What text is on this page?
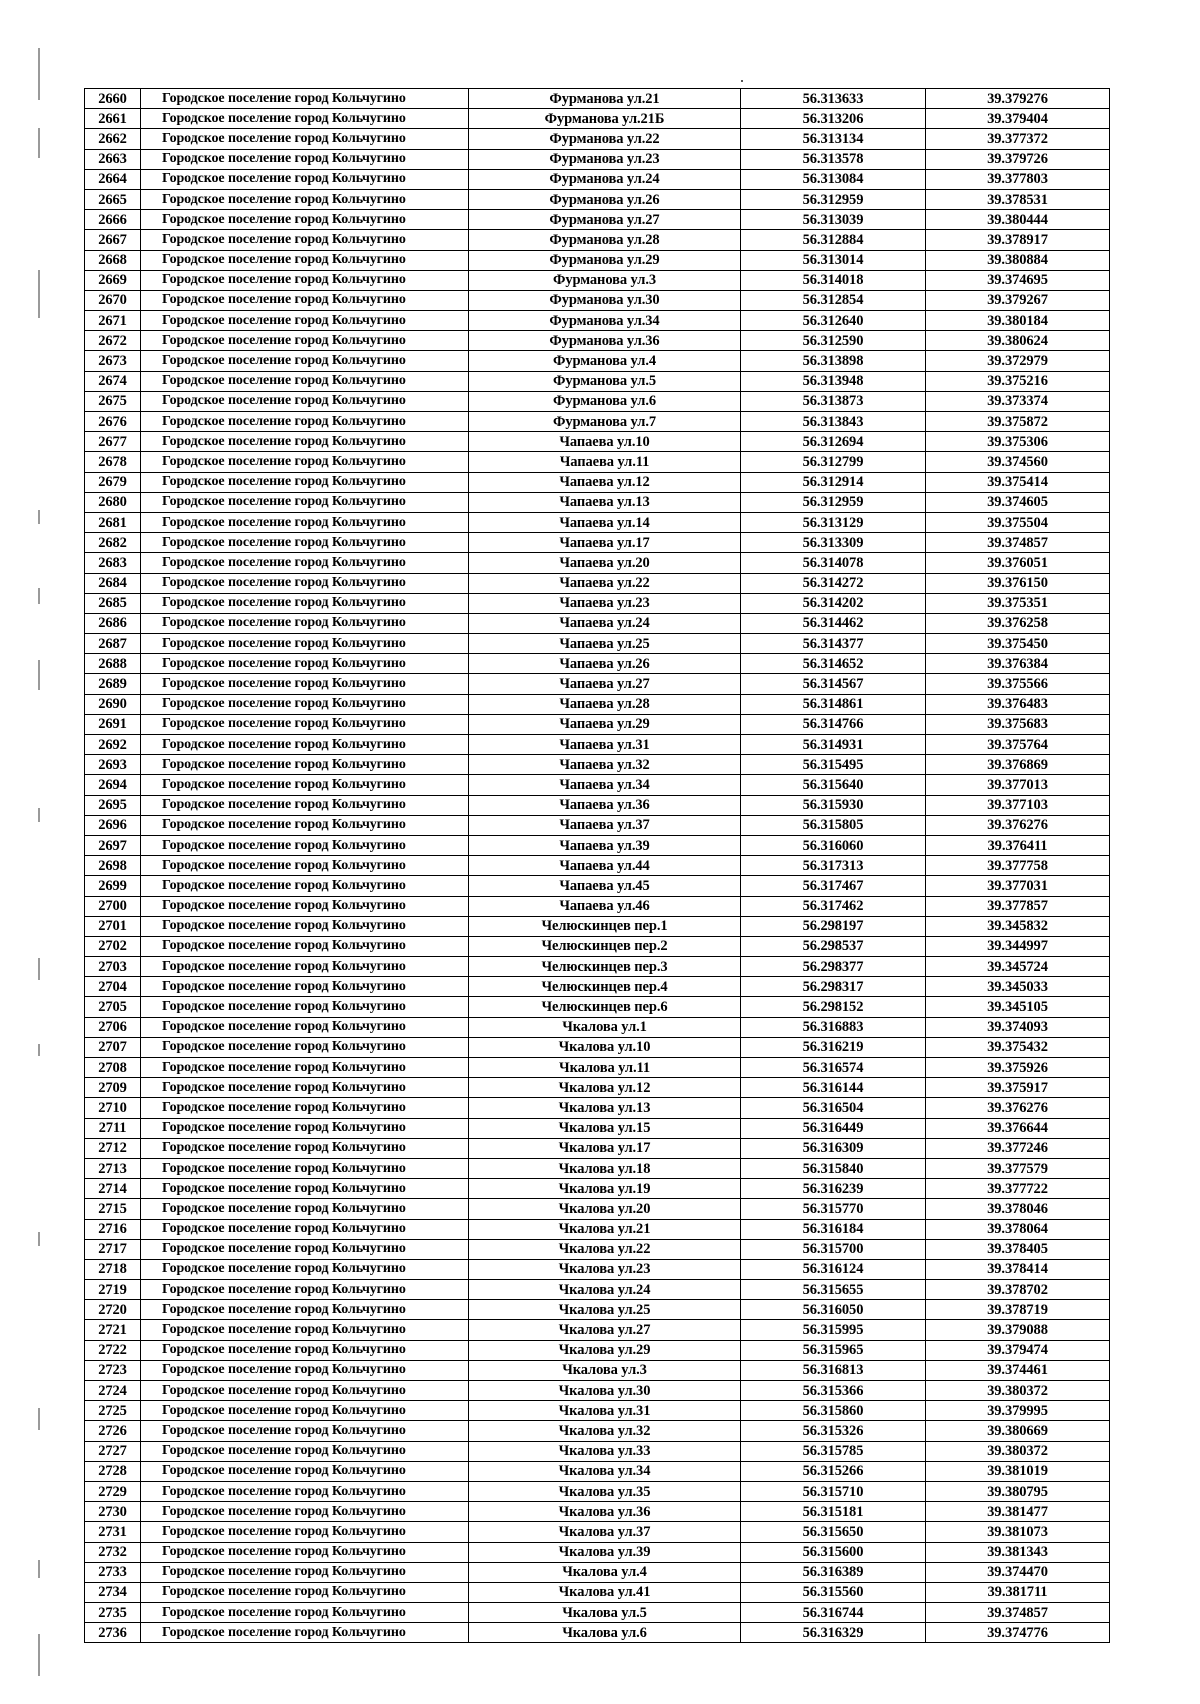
2660	Городское поселение город Кольчугино	Фурманова ул.21	56.313633	39.379276
2661	Городское поселение город Кольчугино	Фурманова ул.21Б	56.313206	39.379404
2662	Городское поселение город Кольчугино	Фурманова ул.22	56.313134	39.377372
2663	Городское поселение город Кольчугино	Фурманова ул.23	56.313578	39.379726
2664	Городское поселение город Кольчугино	Фурманова ул.24	56.313084	39.377803
2665	Городское поселение город Кольчугино	Фурманова ул.26	56.312959	39.378531
2666	Городское поселение город Кольчугино	Фурманова ул.27	56.313039	39.380444
2667	Городское поселение город Кольчугино	Фурманова ул.28	56.312884	39.378917
2668	Городское поселение город Кольчугино	Фурманова ул.29	56.313014	39.380884
2669	Городское поселение город Кольчугино	Фурманова ул.3	56.314018	39.374695
2670	Городское поселение город Кольчугино	Фурманова ул.30	56.312854	39.379267
2671	Городское поселение город Кольчугино	Фурманова ул.34	56.312640	39.380184
2672	Городское поселение город Кольчугино	Фурманова ул.36	56.312590	39.380624
2673	Городское поселение город Кольчугино	Фурманова ул.4	56.313898	39.372979
2674	Городское поселение город Кольчугино	Фурманова ул.5	56.313948	39.375216
2675	Городское поселение город Кольчугино	Фурманова ул.6	56.313873	39.373374
2676	Городское поселение город Кольчугино	Фурманова ул.7	56.313843	39.375872
2677	Городское поселение город Кольчугино	Чапаева ул.10	56.312694	39.375306
2678	Городское поселение город Кольчугино	Чапаева ул.11	56.312799	39.374560
2679	Городское поселение город Кольчугино	Чапаева ул.12	56.312914	39.375414
2680	Городское поселение город Кольчугино	Чапаева ул.13	56.312959	39.374605
2681	Городское поселение город Кольчугино	Чапаева ул.14	56.313129	39.375504
2682	Городское поселение город Кольчугино	Чапаева ул.17	56.313309	39.374857
2683	Городское поселение город Кольчугино	Чапаева ул.20	56.314078	39.376051
2684	Городское поселение город Кольчугино	Чапаева ул.22	56.314272	39.376150
2685	Городское поселение город Кольчугино	Чапаева ул.23	56.314202	39.375351
2686	Городское поселение город Кольчугино	Чапаева ул.24	56.314462	39.376258
2687	Городское поселение город Кольчугино	Чапаева ул.25	56.314377	39.375450
2688	Городское поселение город Кольчугино	Чапаева ул.26	56.314652	39.376384
2689	Городское поселение город Кольчугино	Чапаева ул.27	56.314567	39.375566
2690	Городское поселение город Кольчугино	Чапаева ул.28	56.314861	39.376483
2691	Городское поселение город Кольчугино	Чапаева ул.29	56.314766	39.375683
2692	Городское поселение город Кольчугино	Чапаева ул.31	56.314931	39.375764
2693	Городское поселение город Кольчугино	Чапаева ул.32	56.315495	39.376869
2694	Городское поселение город Кольчугино	Чапаева ул.34	56.315640	39.377013
2695	Городское поселение город Кольчугино	Чапаева ул.36	56.315930	39.377103
2696	Городское поселение город Кольчугино	Чапаева ул.37	56.315805	39.376276
2697	Городское поселение город Кольчугино	Чапаева ул.39	56.316060	39.376411
2698	Городское поселение город Кольчугино	Чапаева ул.44	56.317313	39.377758
2699	Городское поселение город Кольчугино	Чапаева ул.45	56.317467	39.377031
2700	Городское поселение город Кольчугино	Чапаева ул.46	56.317462	39.377857
2701	Городское поселение город Кольчугино	Челюскинцев пер.1	56.298197	39.345832
2702	Городское поселение город Кольчугино	Челюскинцев пер.2	56.298537	39.344997
2703	Городское поселение город Кольчугино	Челюскинцев пер.3	56.298377	39.345724
2704	Городское поселение город Кольчугино	Челюскинцев пер.4	56.298317	39.345033
2705	Городское поселение город Кольчугино	Челюскинцев пер.6	56.298152	39.345105
2706	Городское поселение город Кольчугино	Чкалова ул.1	56.316883	39.374093
2707	Городское поселение город Кольчугино	Чкалова ул.10	56.316219	39.375432
2708	Городское поселение город Кольчугино	Чкалова ул.11	56.316574	39.375926
2709	Городское поселение город Кольчугино	Чкалова ул.12	56.316144	39.375917
2710	Городское поселение город Кольчугино	Чкалова ул.13	56.316504	39.376276
2711	Городское поселение город Кольчугино	Чкалова ул.15	56.316449	39.376644
2712	Городское поселение город Кольчугино	Чкалова ул.17	56.316309	39.377246
2713	Городское поселение город Кольчугино	Чкалова ул.18	56.315840	39.377579
2714	Городское поселение город Кольчугино	Чкалова ул.19	56.316239	39.377722
2715	Городское поселение город Кольчугино	Чкалова ул.20	56.315770	39.378046
2716	Городское поселение город Кольчугино	Чкалова ул.21	56.316184	39.378064
2717	Городское поселение город Кольчугино	Чкалова ул.22	56.315700	39.378405
2718	Городское поселение город Кольчугино	Чкалова ул.23	56.316124	39.378414
2719	Городское поселение город Кольчугино	Чкалова ул.24	56.315655	39.378702
2720	Городское поселение город Кольчугино	Чкалова ул.25	56.316050	39.378719
2721	Городское поселение город Кольчугино	Чкалова ул.27	56.315995	39.379088
2722	Городское поселение город Кольчугино	Чкалова ул.29	56.315965	39.379474
2723	Городское поселение город Кольчугино	Чкалова ул.3	56.316813	39.374461
2724	Городское поселение город Кольчугино	Чкалова ул.30	56.315366	39.380372
2725	Городское поселение город Кольчугино	Чкалова ул.31	56.315860	39.379995
2726	Городское поселение город Кольчугино	Чкалова ул.32	56.315326	39.380669
2727	Городское поселение город Кольчугино	Чкалова ул.33	56.315785	39.380372
2728	Городское поселение город Кольчугино	Чкалова ул.34	56.315266	39.381019
2729	Городское поселение город Кольчугино	Чкалова ул.35	56.315710	39.380795
2730	Городское поселение город Кольчугино	Чкалова ул.36	56.315181	39.381477
2731	Городское поселение город Кольчугино	Чкалова ул.37	56.315650	39.381073
2732	Городское поселение город Кольчугино	Чкалова ул.39	56.315600	39.381343
2733	Городское поселение город Кольчугино	Чкалова ул.4	56.316389	39.374470
2734	Городское поселение город Кольчугино	Чкалова ул.41	56.315560	39.381711
2735	Городское поселение город Кольчугино	Чкалова ул.5	56.316744	39.374857
2736	Городское поселение город Кольчугино	Чкалова ул.6	56.316329	39.374776
